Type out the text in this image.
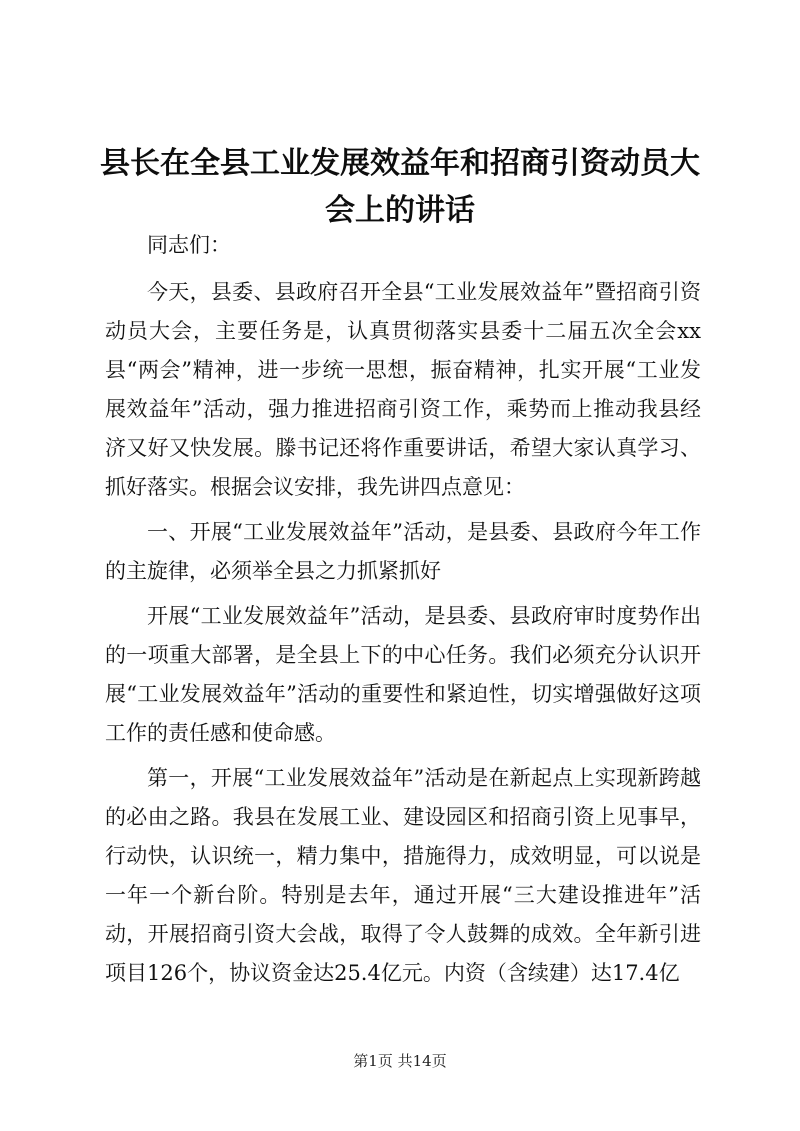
县长在全县工业发展效益年和招商引资动员大会上的讲话

同志们：

今天，县委、县政府召开全县“工业发展效益年”暨招商引资动员大会，主要任务是，认真贯彻落实县委十二届五次全会xx县“两会”精神，进一步统一思想，振奋精神，扎实开展“工业发展效益年”活动，强力推进招商引资工作，乘势而上推动我县经济又好又快发展。滕书记还将作重要讲话，希望大家认真学习、抓好落实。根据会议安排，我先讲四点意见：

一、开展“工业发展效益年”活动，是县委、县政府今年工作的主旋律，必须举全县之力抓紧抓好

开展“工业发展效益年”活动，是县委、县政府审时度势作出的一项重大部署，是全县上下的中心任务。我们必须充分认识开展“工业发展效益年”活动的重要性和紧迫性，切实增强做好这项工作的责任感和使命感。

第一，开展“工业发展效益年”活动是在新起点上实现新跨越的必由之路。我县在发展工业、建设园区和招商引资上见事早，行动快，认识统一，精力集中，措施得力，成效明显，可以说是一年一个新台阶。特别是去年，通过开展“三大建设推进年”活动，开展招商引资大会战，取得了令人鼓舞的成效。全年新引进项目126个，协议资金达25.4亿元。内资（含续建）达17.4亿

第1页 共14页
